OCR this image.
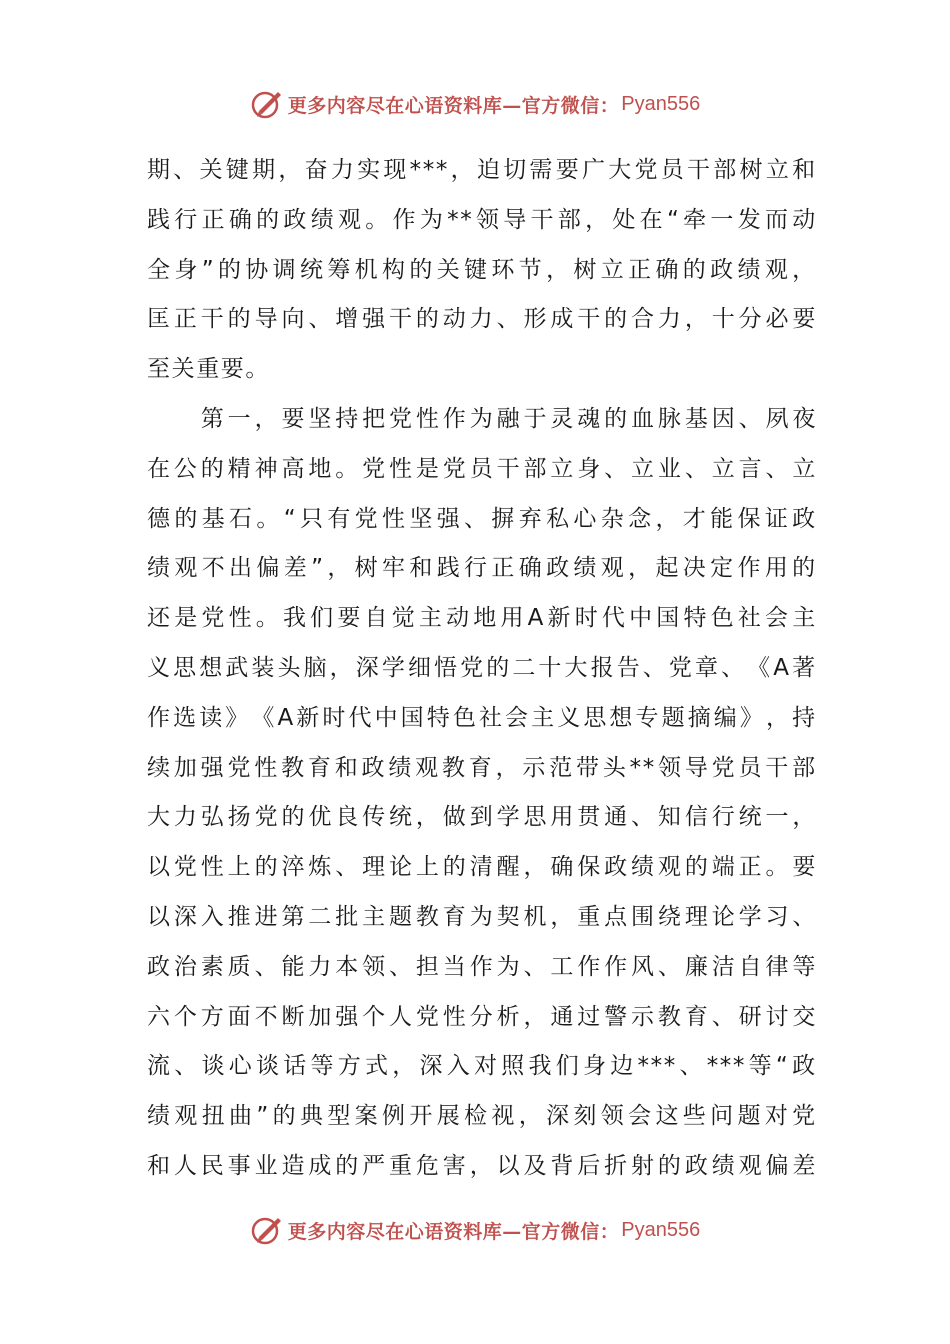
更多内容尽在心语资料库—官方微信： Pyan556
期 、 关 键 期 ， 奋 力 实 现 *** ， 迫 切 需 要 广 大 党 员 干 部 树 立 和
践 行 正 确 的 政 绩 观 。 作 为 ** 领 导 干 部 ， 处 在 “ 牵 一 发 而 动
全 身 ” 的 协 调 统 筹 机 构 的 关 键 环 节 ， 树 立 正 确 的 政 绩 观 ，
匡 正 干 的 导 向 、 增 强 干 的 动 力 、 形 成 干 的 合 力 ， 十 分 必 要
至关重要。

第 一 ， 要 坚 持 把 党 性 作 为 融 于 灵 魂 的 血 脉 基 因 、 夙 夜
在 公 的 精 神 高 地 。 党 性 是 党 员 干 部 立 身 、 立 业 、 立 言 、 立
德 的 基 石 。 “ 只 有 党 性 坚 强 、 摒 弃 私 心 杂 念 ， 才 能 保 证 政
绩 观 不 出 偏 差 ” ， 树 牢 和 践 行 正 确 政 绩 观 ， 起 决 定 作 用 的
还 是 党 性 。 我 们 要 自 觉 主 动 地 用 A 新 时 代 中 国 特 色 社 会 主
义 思 想 武 装 头 脑 ， 深 学 细 悟 党 的 二 十 大 报 告 、 党 章 、 《 A 著
作 选 读 》 《 A 新 时 代 中 国 特 色 社 会 主 义 思 想 专 题 摘 编 》 ， 持
续 加 强 党 性 教 育 和 政 绩 观 教 育 ， 示 范 带 头 ** 领 导 党 员 干 部
大 力 弘 扬 党 的 优 良 传 统 ， 做 到 学 思 用 贯 通 、 知 信 行 统 一 ，
以 党 性 上 的 淬 炼 、 理 论 上 的 清 醒 ， 确 保 政 绩 观 的 端 正 。 要
以 深 入 推 进 第 二 批 主 题 教 育 为 契 机 ， 重 点 围 绕 理 论 学 习 、
政 治 素 质 、 能 力 本 领 、 担 当 作 为 、 工 作 作 风 、 廉 洁 自 律 等
六 个 方 面 不 断 加 强 个 人 党 性 分 析 ， 通 过 警 示 教 育 、 研 讨 交
流 、 谈 心 谈 话 等 方 式 ， 深 入 对 照 我 们 身 边 *** 、 *** 等 “ 政
绩 观 扭 曲 ” 的 典 型 案 例 开 展 检 视 ， 深 刻 领 会 这 些 问 题 对 党
和 人 民 事 业 造 成 的 严 重 危 害 ， 以 及 背 后 折 射 的 政 绩 观 偏 差
更多内容尽在心语资料库—官方微信： Pyan556
